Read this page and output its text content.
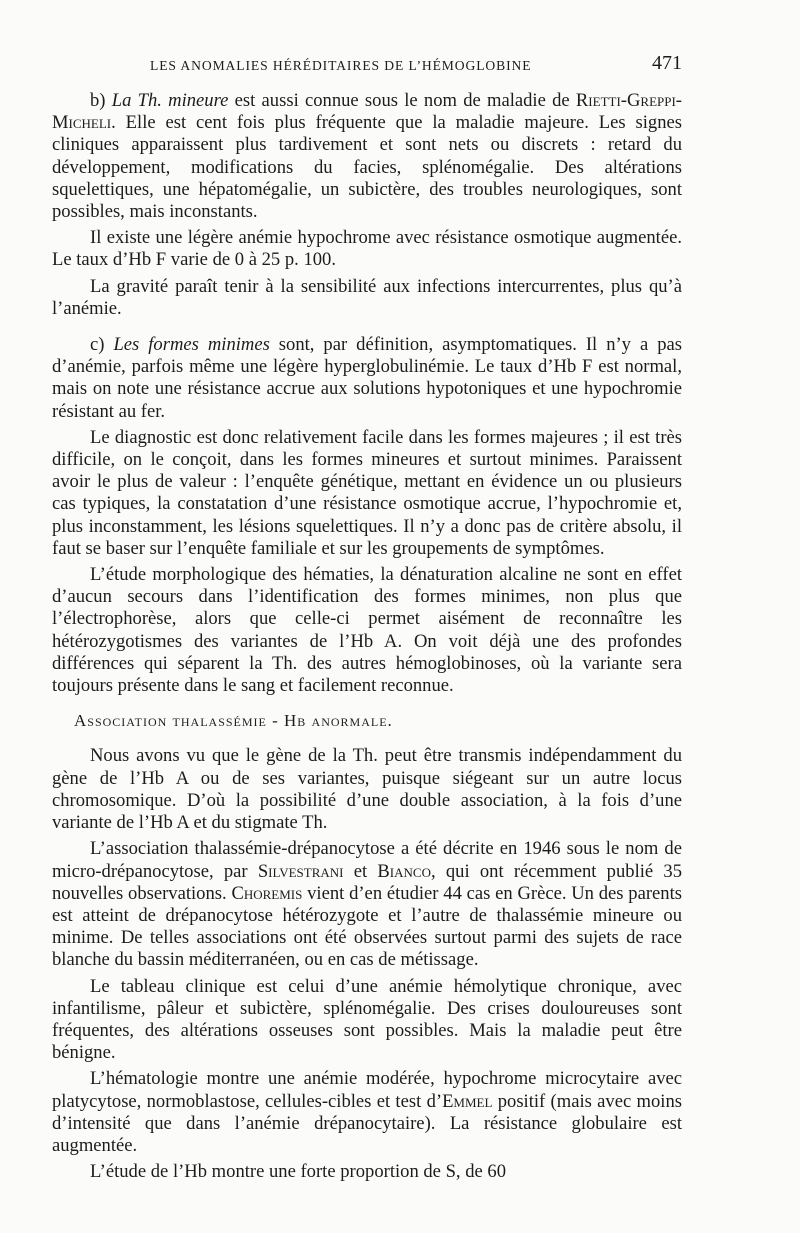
LES ANOMALIES HÉRÉDITAIRES DE L’HÉMOGLOBINE	471

b) La Th. mineure est aussi connue sous le nom de maladie de Rietti-Greppi-Micheli. Elle est cent fois plus fréquente que la maladie majeure. Les signes cliniques apparaissent plus tardivement et sont nets ou discrets : retard du développement, modifications du facies, splénomégalie. Des altérations squelettiques, une hépatomégalie, un subictère, des troubles neurologiques, sont possibles, mais inconstants.

Il existe une légère anémie hypochrome avec résistance osmotique augmentée. Le taux d’Hb F varie de 0 à 25 p. 100.

La gravité paraît tenir à la sensibilité aux infections intercurrentes, plus qu’à l’anémie.

c) Les formes minimes sont, par définition, asymptomatiques. Il n’y a pas d’anémie, parfois même une légère hyperglobulinémie. Le taux d’Hb F est normal, mais on note une résistance accrue aux solutions hypotoniques et une hypochromie résistant au fer.

Le diagnostic est donc relativement facile dans les formes majeures ; il est très difficile, on le conçoit, dans les formes mineures et surtout minimes. Paraissent avoir le plus de valeur : l’enquête génétique, mettant en évidence un ou plusieurs cas typiques, la constatation d’une résistance osmotique accrue, l’hypochromie et, plus inconstamment, les lésions squelettiques. Il n’y a donc pas de critère absolu, il faut se baser sur l’enquête familiale et sur les groupements de symptômes.

L’étude morphologique des hématies, la dénaturation alcaline ne sont en effet d’aucun secours dans l’identification des formes minimes, non plus que l’électrophorèse, alors que celle-ci permet aisément de reconnaître les hétérozygotismes des variantes de l’Hb A. On voit déjà une des profondes différences qui séparent la Th. des autres hémoglobinoses, où la variante sera toujours présente dans le sang et facilement reconnue.

Association thalassémie - Hb anormale.

Nous avons vu que le gène de la Th. peut être transmis indépendamment du gène de l’Hb A ou de ses variantes, puisque siégeant sur un autre locus chromosomique. D’où la possibilité d’une double association, à la fois d’une variante de l’Hb A et du stigmate Th.

L’association thalassémie-drépanocytose a été décrite en 1946 sous le nom de micro-drépanocytose, par Silvestrani et Bianco, qui ont récemment publié 35 nouvelles observations. Choremis vient d’en étudier 44 cas en Grèce. Un des parents est atteint de drépanocytose hétérozygote et l’autre de thalassémie mineure ou minime. De telles associations ont été observées surtout parmi des sujets de race blanche du bassin méditerranéen, ou en cas de métissage.

Le tableau clinique est celui d’une anémie hémolytique chronique, avec infantilisme, pâleur et subictère, splénomégalie. Des crises douloureuses sont fréquentes, des altérations osseuses sont possibles. Mais la maladie peut être bénigne.

L’hématologie montre une anémie modérée, hypochrome microcytaire avec platycytose, normoblastose, cellules-cibles et test d’Emmel positif (mais avec moins d’intensité que dans l’anémie drépanocytaire). La résistance globulaire est augmentée.

L’étude de l’Hb montre une forte proportion de S, de 60
